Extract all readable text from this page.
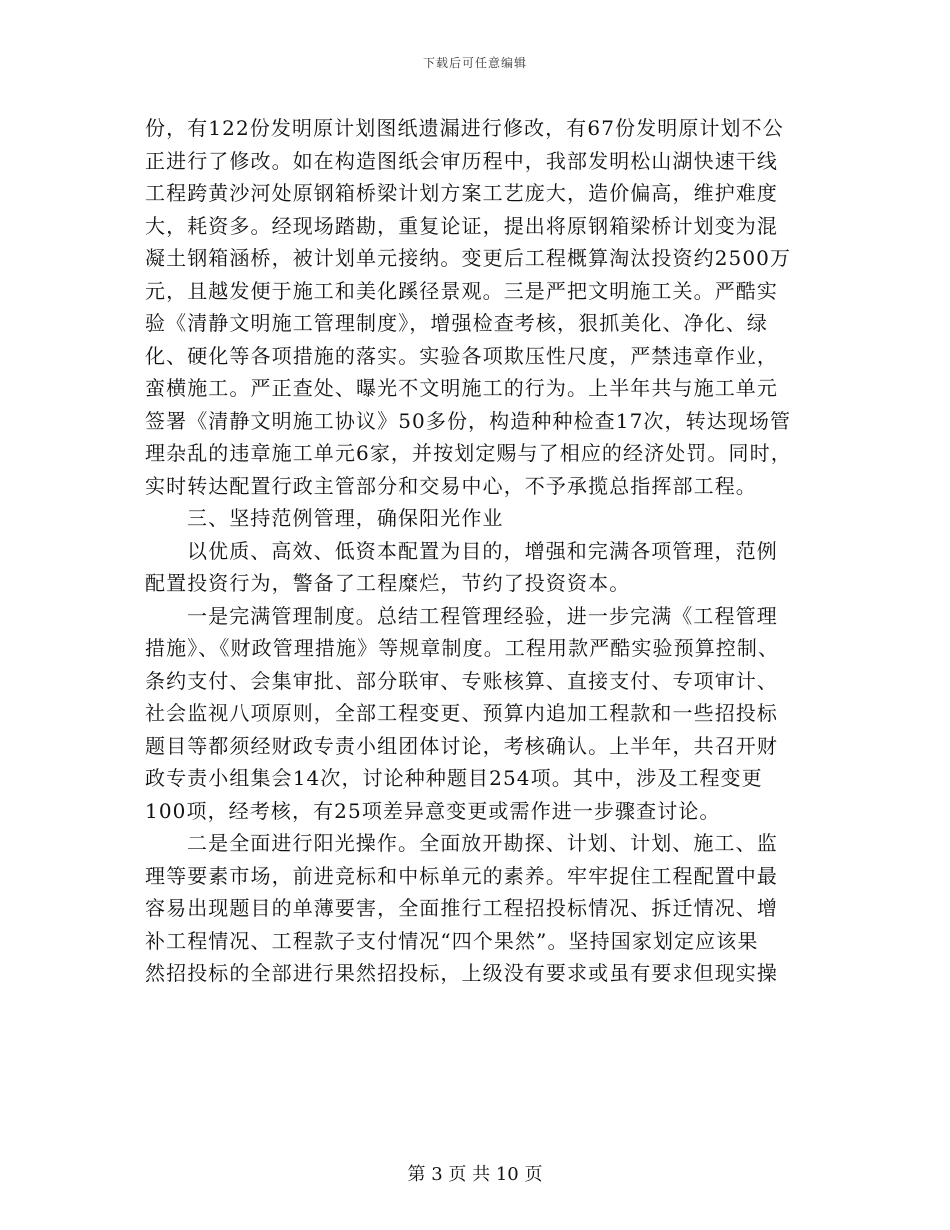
下载后可任意编辑
份，有122份发明原计划图纸遗漏进行修改，有67份发明原计划不公
正进行了修改。如在构造图纸会审历程中，我部发明松山湖快速干线
工程跨黄沙河处原钢箱桥梁计划方案工艺庞大，造价偏高，维护难度
大，耗资多。经现场踏勘，重复论证，提出将原钢箱梁桥计划变为混
凝土钢箱涵桥，被计划单元接纳。变更后工程概算淘汰投资约2500万
元，且越发便于施工和美化蹊径景观。三是严把文明施工关。严酷实
验《清静文明施工管理制度》，增强检查考核，狠抓美化、净化、绿
化、硬化等各项措施的落实。实验各项欺压性尺度，严禁违章作业，
蛮横施工。严正查处、曝光不文明施工的行为。上半年共与施工单元
签署《清静文明施工协议》50多份，构造种种检查17次，转达现场管
理杂乱的违章施工单元6家，并按划定赐与了相应的经济处罚。同时，
实时转达配置行政主管部分和交易中心，不予承揽总指挥部工程。
三、坚持范例管理，确保阳光作业
以优质、高效、低资本配置为目的，增强和完满各项管理，范例
配置投资行为，警备了工程糜烂，节约了投资资本。
一是完满管理制度。总结工程管理经验，进一步完满《工程管理
措施》、《财政管理措施》等规章制度。工程用款严酷实验预算控制、
条约支付、会集审批、部分联审、专账核算、直接支付、专项审计、
社会监视八项原则，全部工程变更、预算内追加工程款和一些招投标
题目等都须经财政专责小组团体讨论，考核确认。上半年，共召开财
政专责小组集会14次，讨论种种题目254项。其中，涉及工程变更
100项，经考核，有25项差异意变更或需作进一步骤查讨论。
二是全面进行阳光操作。全面放开勘探、计划、计划、施工、监
理等要素市场，前进竞标和中标单元的素养。牢牢捉住工程配置中最
容易出现题目的单薄要害，全面推行工程招投标情况、拆迁情况、增
补工程情况、工程款子支付情况“四个果然”。坚持国家划定应该果
然招投标的全部进行果然招投标，上级没有要求或虽有要求但现实操
第 3 页 共 10 页
